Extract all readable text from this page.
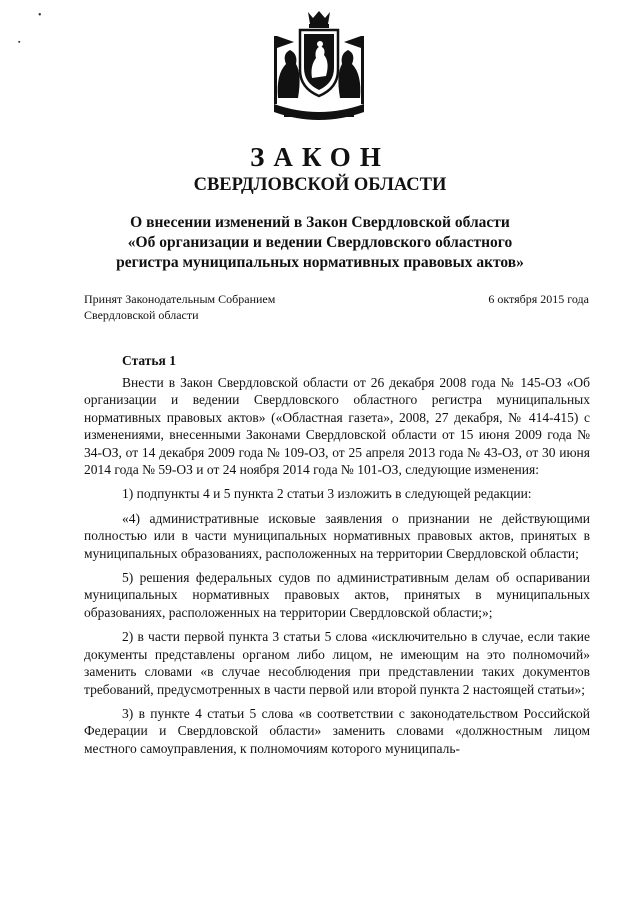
•
▪
ЗАКОН
СВЕРДЛОВСКОЙ ОБЛАСТИ
О внесении изменений в Закон Свердловской области
«Об организации и ведении Свердловского областного
регистра муниципальных нормативных правовых актов»
Принят Законодательным Собранием
Свердловской области
6 октября 2015 года
Статья 1

Внести в Закон Свердловской области от 26 декабря 2008 года № 145-ОЗ «Об организации и ведении Свердловского областного регистра муниципальных нормативных правовых актов» («Областная газета», 2008, 27 декабря, № 414-415) с изменениями, внесенными Законами Свердловской области от 15 июня 2009 года № 34-ОЗ, от 14 декабря 2009 года № 109-ОЗ, от 25 апреля 2013 года № 43-ОЗ, от 30 июня 2014 года № 59-ОЗ и от 24 ноября 2014 года № 101-ОЗ, следующие изменения:

1) подпункты 4 и 5 пункта 2 статьи 3 изложить в следующей редакции:

«4) административные исковые заявления о признании не действующими полностью или в части муниципальных нормативных правовых актов, принятых в муниципальных образованиях, расположенных на территории Свердловской области;

5) решения федеральных судов по административным делам об оспаривании муниципальных нормативных правовых актов, принятых в муниципальных образованиях, расположенных на территории Свердловской области;»;

2) в части первой пункта 3 статьи 5 слова «исключительно в случае, если такие документы представлены органом либо лицом, не имеющим на это полномочий» заменить словами «в случае несоблюдения при представлении таких документов требований, предусмотренных в части первой или второй пункта 2 настоящей статьи»;

3) в пункте 4 статьи 5 слова «в соответствии с законодательством Российской Федерации и Свердловской области» заменить словами «должностным лицом местного самоуправления, к полномочиям которого муниципаль-
